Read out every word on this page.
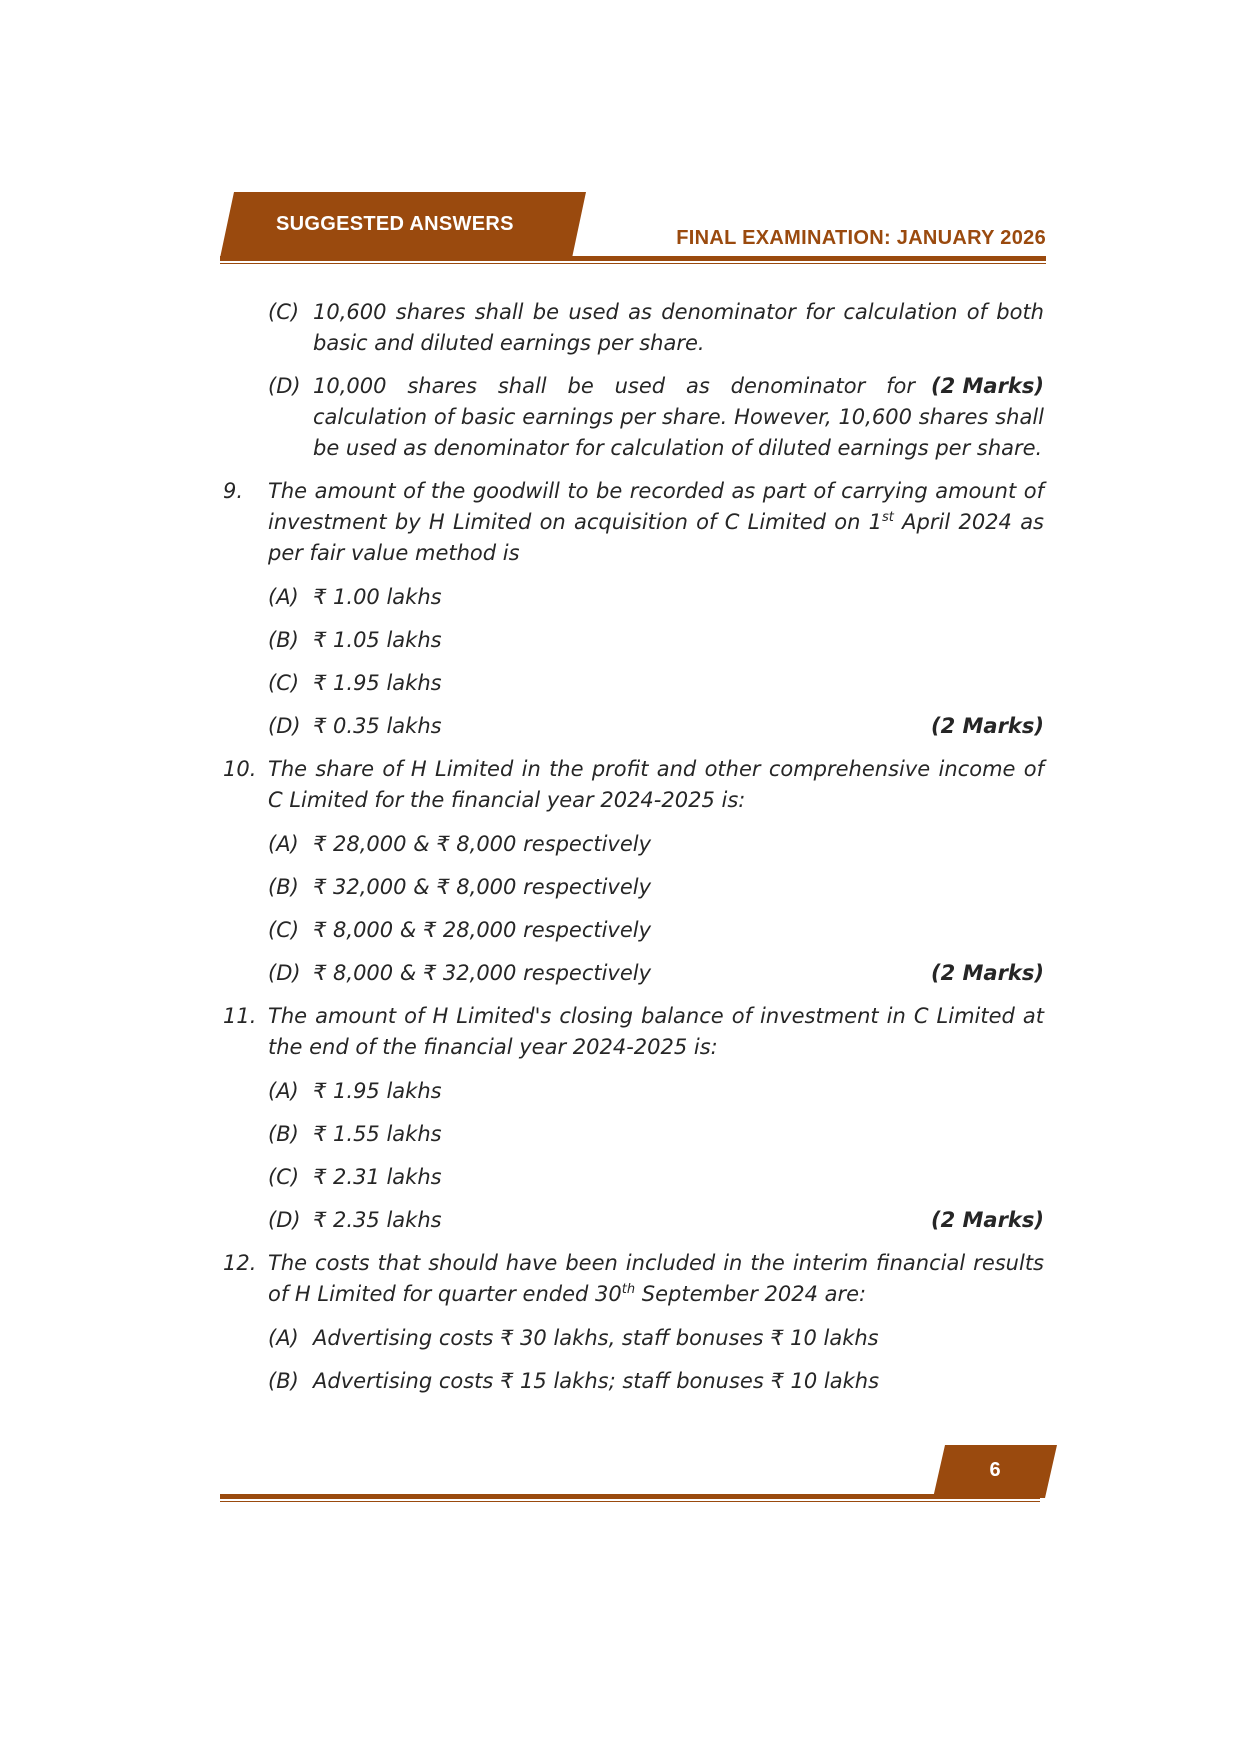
SUGGESTED ANSWERS
FINAL EXAMINATION: JANUARY 2026
(C) 10,600 shares shall be used as denominator for calculation of both basic and diluted earnings per share.
(D)	(2 Marks)
10,000 shares shall be used as denominator for calculation of basic earnings per share. However, 10,600 shares shall be used as denominator for calculation of diluted earnings per share.
9. The amount of the goodwill to be recorded as part of carrying amount of investment by H Limited on acquisition of C Limited on 1st April 2024 as per fair value method is
(A) ₹ 1.00 lakhs
(B) ₹ 1.05 lakhs
(C) ₹ 1.95 lakhs
(D)	(2 Marks)
₹ 0.35 lakhs
10. The share of H Limited in the profit and other comprehensive income of C Limited for the financial year 2024-2025 is:
(A) ₹ 28,000 & ₹ 8,000 respectively
(B) ₹ 32,000 & ₹ 8,000 respectively
(C) ₹ 8,000 & ₹ 28,000 respectively
(D)	(2 Marks)
₹ 8,000 & ₹ 32,000 respectively
11. The amount of H Limited's closing balance of investment in C Limited at the end of the financial year 2024-2025 is:
(A) ₹ 1.95 lakhs
(B) ₹ 1.55 lakhs
(C) ₹ 2.31 lakhs
(D)	(2 Marks)
₹ 2.35 lakhs
12. The costs that should have been included in the interim financial results of H Limited for quarter ended 30th September 2024 are:
(A) Advertising costs ₹ 30 lakhs, staff bonuses ₹ 10 lakhs
(B) Advertising costs ₹ 15 lakhs; staff bonuses ₹ 10 lakhs
6
